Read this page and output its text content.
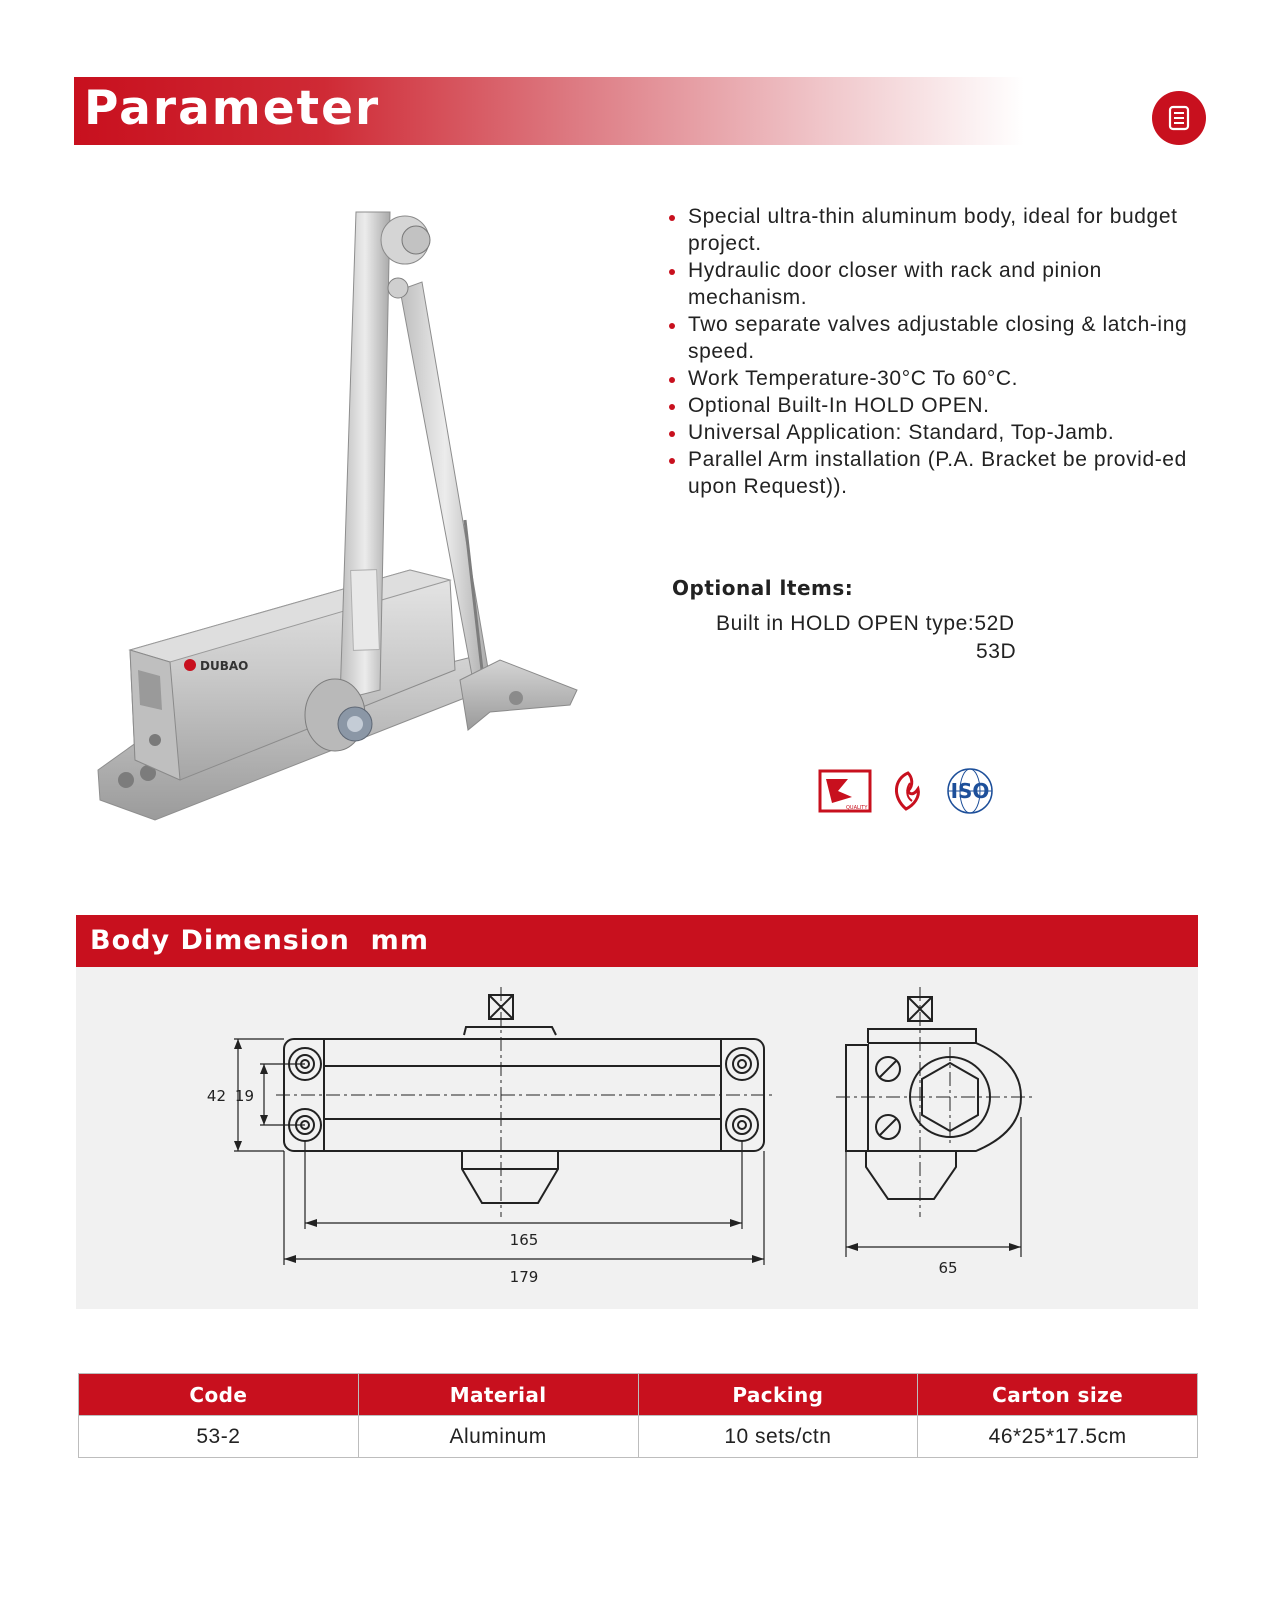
Parameter
DUBAO
Special ultra-thin aluminum body, ideal for budget project.
Hydraulic door closer with rack and pinion mechanism.
Two separate valves adjustable closing & latch-ing speed.
Work Temperature-30°C To 60°C.
Optional Built-In HOLD OPEN.
Universal Application: Standard, Top-Jamb.
Parallel Arm installation (P.A. Bracket be provid-ed upon Request)).
Optional ltems:
Built in HOLD OPEN type:52D
53D
QUALITY
ISO
Body Dimension  mm
42 19
165
179	65
Code	Material	Packing	Carton size
53-2	Aluminum	10 sets/ctn	46*25*17.5cm
